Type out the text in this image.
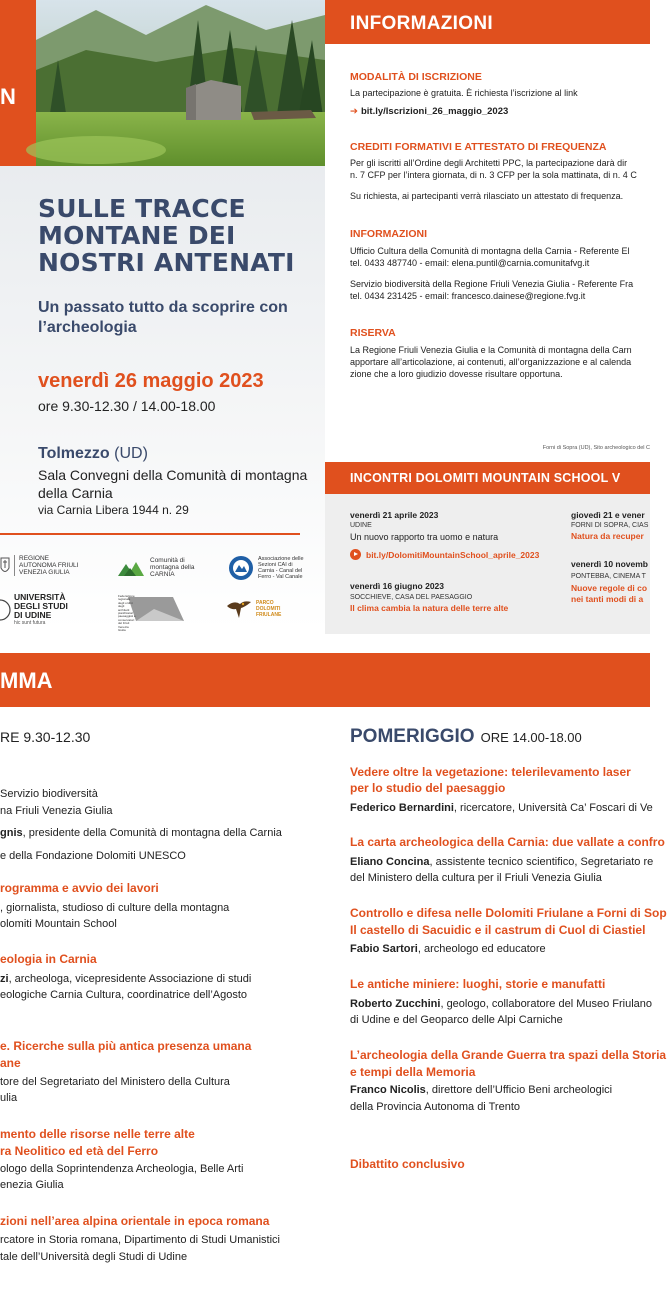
N
SULLE TRACCE MONTANE DEI NOSTRI ANTENATI
Un passato tutto da scoprire con l’archeologia
venerdì 26 maggio 2023
ore 9.30-12.30 / 14.00-18.00
Tolmezzo (UD)
Sala Convegni della Comunità di montagna della Carnia
via Carnia Libera 1944 n. 29
REGIONE AUTONOMA FRIULI VENEZIA GIULIA
Comunità di montagna della CARNIA
Associazione delle Sezioni CAI di Carnia - Canal del Ferro - Val Canale
UNIVERSITÀ DEGLI STUDI DI UDINE
hic sunt futura
Federazione regionale degli ordini degli architetti pianificatori paesaggisti e conservatori del Friuli Venezia Giulia
PARCO DOLOMITI FRIULANE
INFORMAZIONI
MODALITÀ DI ISCRIZIONE
La partecipazione è gratuita. È richiesta l’iscrizione al link
➔ bit.ly/Iscrizioni_26_maggio_2023
CREDITI FORMATIVI E ATTESTATO DI FREQUENZA
Per gli iscritti all’Ordine degli Architetti PPC, la partecipazione darà dir
n. 7 CFP per l’intera giornata, di n. 3 CFP per la sola mattinata, di n. 4 C
Su richiesta, ai partecipanti verrà rilasciato un attestato di frequenza.
INFORMAZIONI
Ufficio Cultura della Comunità di montagna della Carnia - Referente El
tel. 0433 487740 - email: elena.puntil@carnia.comunitafvg.it
Servizio biodiversità della Regione Friuli Venezia Giulia - Referente Fra
tel. 0434 231425 - email: francesco.dainese@regione.fvg.it
RISERVA
La Regione Friuli Venezia Giulia e la Comunità di montagna della Carn
apportare all’articolazione, ai contenuti, all’organizzazione e al calenda
zione che a loro giudizio dovesse risultare opportuna.
Forni di Sopra (UD), Sito archeologico del C
INCONTRI DOLOMITI MOUNTAIN SCHOOL V
venerdì 21 aprile 2023
UDINE
Un nuovo rapporto tra uomo e natura
bit.ly/DolomitiMountainSchool_aprile_2023
venerdì 16 giugno 2023
SOCCHIEVE, CASA DEL PAESAGGIO
Il clima cambia la natura delle terre alte
giovedì 21 e vener
FORNI DI SOPRA, CIAS
Natura da recuper
venerdì 10 novemb
PONTEBBA, CINEMA T
Nuove regole di co
nei tanti modi di a
MMA
RE 9.30-12.30
Servizio biodiversità
na Friuli Venezia Giulia
gnis, presidente della Comunità di montagna della Carnia
e della Fondazione Dolomiti UNESCO
rogramma e avvio dei lavori
, giornalista, studioso di culture della montagna
olomiti Mountain School
eologia in Carnia
zi, archeologa, vicepresidente Associazione di studi
eologiche Carnia Cultura, coordinatrice dell’Agosto
e. Ricerche sulla più antica presenza umana
ane
tore del Segretariato del Ministero della Cultura
ulia
mento delle risorse nelle terre alte
ra Neolitico ed età del Ferro
ologo della Soprintendenza Archeologia, Belle Arti
enezia Giulia
zioni nell’area alpina orientale in epoca romana
rcatore in Storia romana, Dipartimento di Studi Umanistici
tale dell’Università degli Studi di Udine
POMERIGGIO ORE 14.00-18.00
Vedere oltre la vegetazione: telerilevamento laser
per lo studio del paesaggio
Federico Bernardini, ricercatore, Università Ca’ Foscari di Ve
La carta archeologica della Carnia: due vallate a confro
Eliano Concina, assistente tecnico scientifico, Segretariato re
del Ministero della cultura per il Friuli Venezia Giulia
Controllo e difesa nelle Dolomiti Friulane a Forni di Sop
Il castello di Sacuidic e il castrum di Cuol di Ciastiel
Fabio Sartori, archeologo ed educatore
Le antiche miniere: luoghi, storie e manufatti
Roberto Zucchini, geologo, collaboratore del Museo Friulano
di Udine e del Geoparco delle Alpi Carniche
L’archeologia della Grande Guerra tra spazi della Storia
e tempi della Memoria
Franco Nicolis, direttore dell’Ufficio Beni archeologici
della Provincia Autonoma di Trento
Dibattito conclusivo
